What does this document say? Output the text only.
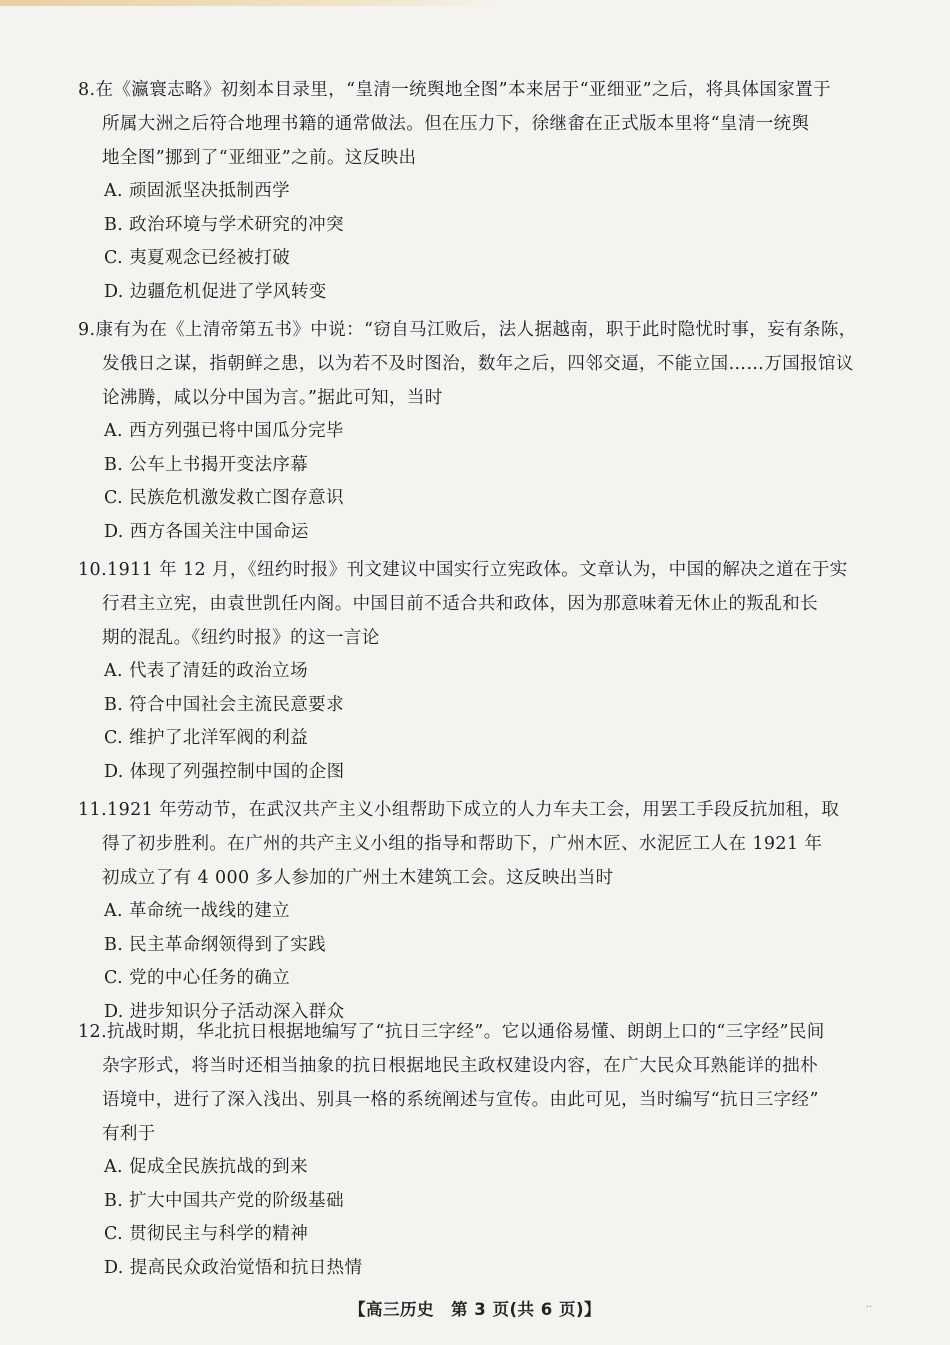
8.在《瀛寰志略》初刻本目录里，“皇清一统舆地全图”本来居于“亚细亚”之后，将具体国家置于
所属大洲之后符合地理书籍的通常做法。但在压力下，徐继畬在正式版本里将“皇清一统舆
地全图”挪到了“亚细亚”之前。这反映出
A. 顽固派坚决抵制西学
B. 政治环境与学术研究的冲突
C. 夷夏观念已经被打破
D. 边疆危机促进了学风转变
9.康有为在《上清帝第五书》中说：“窃自马江败后，法人据越南，职于此时隐忧时事，妄有条陈，
发俄日之谋，指朝鲜之患，以为若不及时图治，数年之后，四邻交逼，不能立国……万国报馆议
论沸腾，咸以分中国为言。”据此可知，当时
A. 西方列强已将中国瓜分完毕
B. 公车上书揭开变法序幕
C. 民族危机激发救亡图存意识
D. 西方各国关注中国命运
10.1911 年 12 月，《纽约时报》刊文建议中国实行立宪政体。文章认为，中国的解决之道在于实
行君主立宪，由袁世凯任内阁。中国目前不适合共和政体，因为那意味着无休止的叛乱和长
期的混乱。《纽约时报》的这一言论
A. 代表了清廷的政治立场
B. 符合中国社会主流民意要求
C. 维护了北洋军阀的利益
D. 体现了列强控制中国的企图
11.1921 年劳动节，在武汉共产主义小组帮助下成立的人力车夫工会，用罢工手段反抗加租，取
得了初步胜利。在广州的共产主义小组的指导和帮助下，广州木匠、水泥匠工人在 1921 年
初成立了有 4 000 多人参加的广州土木建筑工会。这反映出当时
A. 革命统一战线的建立
B. 民主革命纲领得到了实践
C. 党的中心任务的确立
D. 进步知识分子活动深入群众
12.抗战时期，华北抗日根据地编写了“抗日三字经”。它以通俗易懂、朗朗上口的“三字经”民间
杂字形式，将当时还相当抽象的抗日根据地民主政权建设内容，在广大民众耳熟能详的拙朴
语境中，进行了深入浅出、别具一格的系统阐述与宣传。由此可见，当时编写“抗日三字经”
有利于
A. 促成全民族抗战的到来
B. 扩大中国共产党的阶级基础
C. 贯彻民主与科学的精神
D. 提高民众政治觉悟和抗日热情
【高三历史　第 3 页(共 6 页)】	··
